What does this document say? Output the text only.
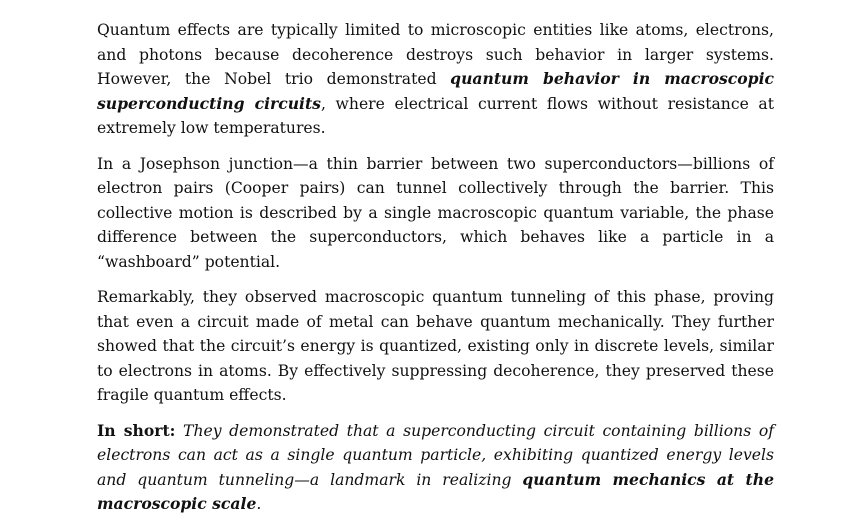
Quantum effects are typically limited to microscopic entities like atoms, electrons, and photons because decoherence destroys such behavior in larger systems. However, the Nobel trio demonstrated quantum behavior in macroscopic superconducting circuits, where electrical current flows without resistance at extremely low temperatures.

In a Josephson junction—a thin barrier between two superconductors—billions of electron pairs (Cooper pairs) can tunnel collectively through the barrier. This collective motion is described by a single macroscopic quantum variable, the phase difference between the superconductors, which behaves like a particle in a “washboard” potential.

Remarkably, they observed macroscopic quantum tunneling of this phase, proving that even a circuit made of metal can behave quantum mechanically. They further showed that the circuit’s energy is quantized, existing only in discrete levels, similar to electrons in atoms. By effectively suppressing decoherence, they preserved these fragile quantum effects.

In short: They demonstrated that a superconducting circuit containing billions of electrons can act as a single quantum particle, exhibiting quantized energy levels and quantum tunneling—a landmark in realizing quantum mechanics at the macroscopic scale.
